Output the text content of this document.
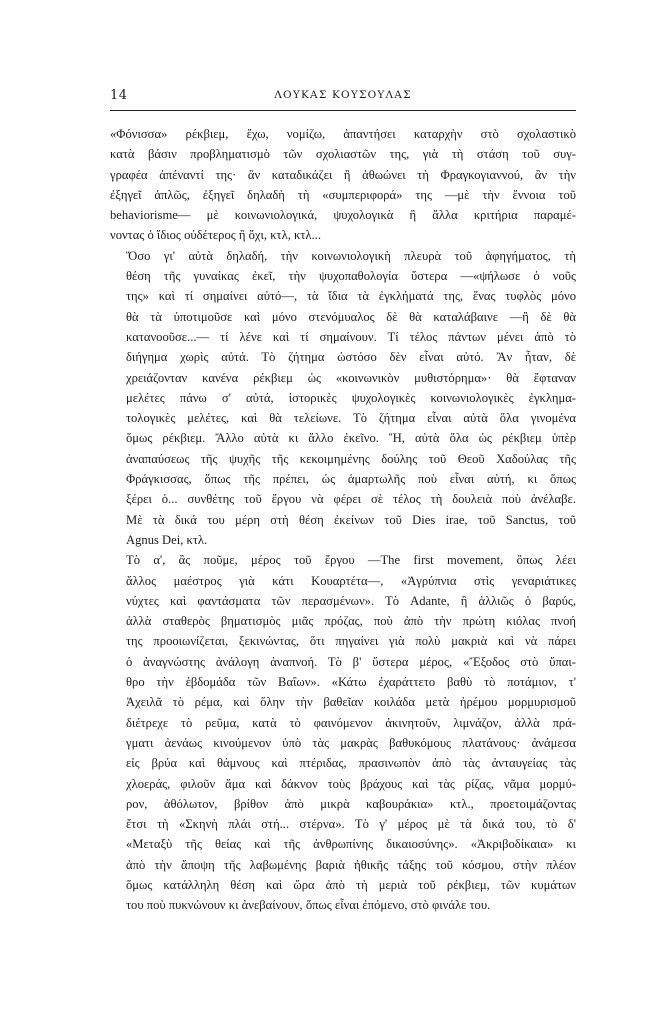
14	ΛΟΥΚΑΣ ΚΟΥΣΟΥΛΑΣ

«Φόνισσα» ρέκβιεμ, ἔχω, νομίζω, ἀπαντήσει καταρχὴν στὸ σχολαστικὸ
κατὰ βάσιν προβληματισμὸ τῶν σχολιαστῶν της, γιὰ τὴ στάση τοῦ συγ-
γραφέα ἀπέναντί της· ἂν καταδικάζει ἢ ἀθωώνει τὴ Φραγκογιαννού, ἂν τὴν
ἐξηγεῖ ἁπλῶς, ἐξηγεῖ δηλαδὴ τὴ «συμπεριφορά» της —μὲ τὴν ἔννοια τοῦ
behaviorisme— μὲ κοινωνιολογικά, ψυχολογικὰ ἢ ἄλλα κριτήρια παραμέ-
νοντας ὁ ἴδιος οὐδέτερος ἢ ὄχι, κτλ, κτλ...

Ὅσο γι' αὐτὰ δηλαδή, τὴν κοινωνιολογικὴ πλευρὰ τοῦ ἀφηγήματος, τὴ
θέση τῆς γυναίκας ἐκεῖ, τὴν ψυχοπαθολογία ὕστερα —«ψήλωσε ὁ νοῦς
της» καὶ τί σημαίνει αὐτό—, τὰ ἴδια τὰ ἐγκλήματά της, ἕνας τυφλὸς μόνο
θὰ τὰ ὑποτιμοῦσε καὶ μόνο στενόμυαλος δὲ θὰ καταλάβαινε —ἢ δὲ θὰ
κατανοοῦσε...— τί λένε καὶ τί σημαίνουν. Τί τέλος πάντων μένει ἀπὸ τὸ
διήγημα χωρὶς αὐτά. Τὸ ζήτημα ὡστόσο δὲν εἶναι αὐτό. Ἂν ἦταν, δὲ
χρειάζονταν κανένα ρέκβιεμ ὡς «κοινωνικὸν μυθιστόρημα»· θὰ ἔφταναν
μελέτες πάνω σ' αὐτά, ἱστορικὲς ψυχολογικὲς κοινωνιολογικὲς ἐγκλημα-
τολογικὲς μελέτες, καὶ θὰ τελείωνε. Τὸ ζήτημα εἶναι αὐτὰ ὅλα γινομένα
ὅμως ρέκβιεμ. Ἄλλο αὐτὰ κι ἄλλο ἐκεῖνο. Ἤ, αὐτὰ ὅλα ὡς ρέκβιεμ ὑπὲρ
ἀναπαύσεως τῆς ψυχῆς τῆς κεκοιμημένης δούλης τοῦ Θεοῦ Χαδούλας τῆς
Φράγκισσας, ὅπως τῆς πρέπει, ὡς ἁμαρτωλῆς ποὺ εἶναι αὐτή, κι ὅπως
ξέρει ὁ... συνθέτης τοῦ ἔργου νὰ φέρει σὲ τέλος τὴ δουλειὰ ποὺ ἀνέλαβε.
Μὲ τὰ δικά του μέρη στὴ θέση ἐκείνων τοῦ Dies irae, τοῦ Sanctus, τοῦ
Agnus Dei, κτλ.

Τὸ α', ἂς ποῦμε, μέρος τοῦ ἔργου —The first movement, ὅπως λέει
ἄλλος μαέστρος γιὰ κάτι Κουαρτέτα—, «Ἀγρύπνια στὶς γεναριάτικες
νύχτες καὶ φαντάσματα τῶν περασμένων». Τὸ Adante, ἢ ἀλλιῶς ὁ βαρύς,
ἀλλὰ σταθερὸς βηματισμὸς μιᾶς πρόζας, ποὺ ἀπὸ τὴν πρώτη κιόλας πνοή
της προοιωνίζεται, ξεκινώντας, ὅτι πηγαίνει γιὰ πολὺ μακριὰ καὶ νὰ πάρει
ὁ ἀναγνώστης ἀνάλογη ἀναπνοή. Τὸ β' ὕστερα μέρος, «Ἔξοδος στὸ ὕπαι-
θρο τὴν ἑβδομάδα τῶν Βαΐων». «Κάτω ἐχαράττετο βαθὺ τὸ ποτάμιον, τ'
Ἀχειλᾶ τὸ ρέμα, καὶ ὅλην τὴν βαθεῖαν κοιλάδα μετὰ ἠρέμου μορμυρισμοῦ
διέτρεχε τὸ ρεῦμα, κατὰ τὸ φαινόμενον ἀκινητοῦν, λιμνάζον, ἀλλὰ πρά-
γματι ἀενάως κινούμενον ὑπὸ τὰς μακρὰς βαθυκόμους πλατάνους· ἀνάμεσα
εἰς βρύα καὶ θάμνους καὶ πτέριδας, πρασινωπὸν ἀπὸ τὰς ἀνταυγείας τὰς
χλοεράς, φιλοῦν ἅμα καὶ δάκνον τοὺς βράχους καὶ τὰς ρίζας, νᾶμα μορμύ-
ρον, ἀθόλωτον, βρίθον ἀπὸ μικρὰ καβουράκια» κτλ., προετοιμάζοντας
ἔτσι τὴ «Σκηνὴ πλάι στή... στέρνα». Τὸ γ' μέρος μὲ τὰ δικά του, τὸ δ'
«Μεταξὺ τῆς θείας καὶ τῆς ἀνθρωπίνης δικαιοσύνης». «Ἀκριβοδίκαια» κι
ἀπὸ τὴν ἄποψη τῆς λαβωμένης βαριὰ ἠθικῆς τάξης τοῦ κόσμου, στὴν πλέον
ὅμως κατάλληλη θέση καὶ ὥρα ἀπὸ τὴ μεριὰ τοῦ ρέκβιεμ, τῶν κυμάτων
του ποὺ πυκνώνουν κι ἀνεβαίνουν, ὅπως εἶναι ἐπόμενο, στὸ φινάλε του.
